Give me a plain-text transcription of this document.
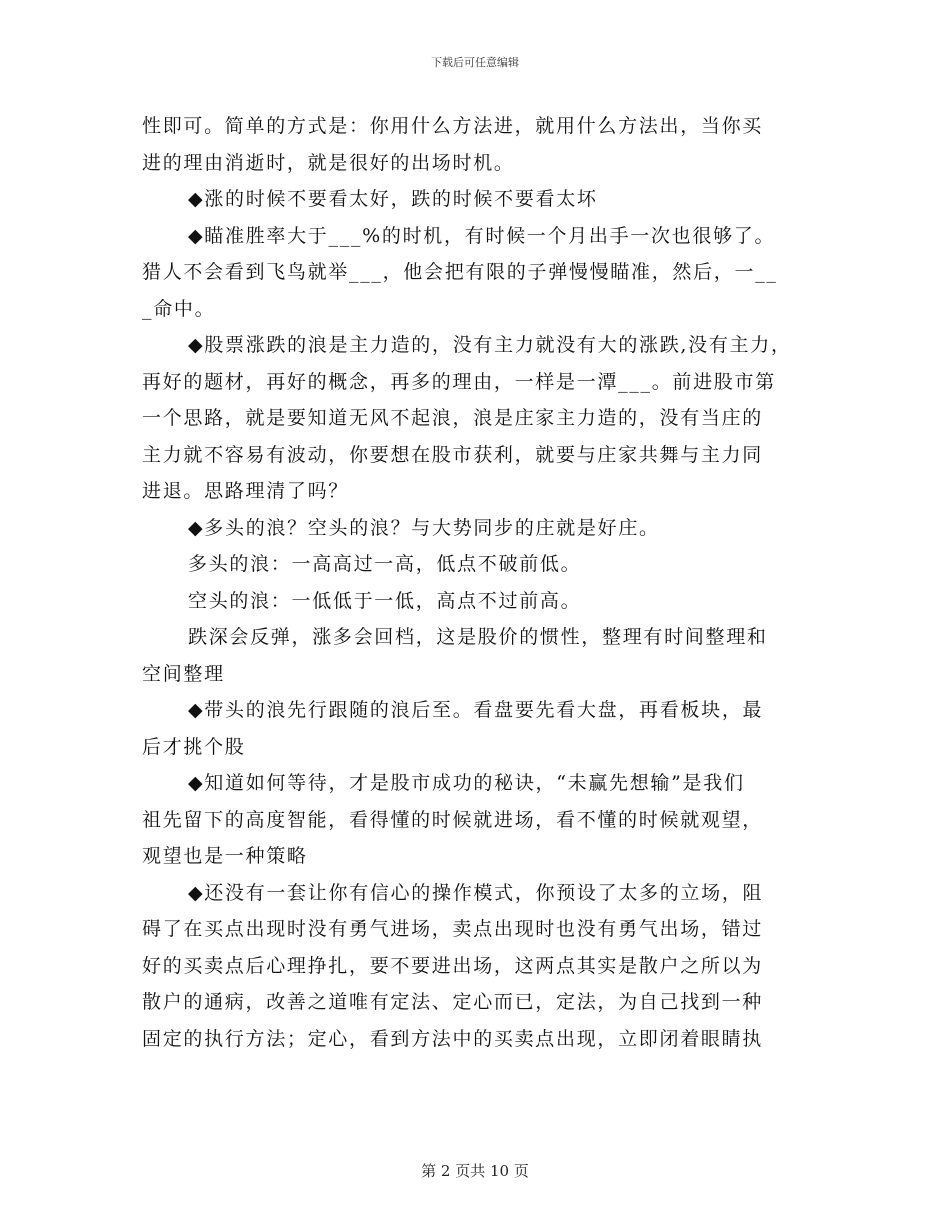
下载后可任意编辑
性即可。简单的方式是：你用什么方法进，就用什么方法出，当你买
进的理由消逝时，就是很好的出场时机。
◆涨的时候不要看太好，跌的时候不要看太坏
◆瞄准胜率大于___%的时机，有时候一个月出手一次也很够了。
猎人不会看到飞鸟就举___，他会把有限的子弹慢慢瞄准，然后，一__
_命中。
◆股票涨跌的浪是主力造的，没有主力就没有大的涨跌,没有主力，
再好的题材，再好的概念，再多的理由，一样是一潭___。前进股市第
一个思路，就是要知道无风不起浪，浪是庄家主力造的，没有当庄的
主力就不容易有波动，你要想在股市获利，就要与庄家共舞与主力同
进退。思路理清了吗？
◆多头的浪？空头的浪？与大势同步的庄就是好庄。
多头的浪：一高高过一高，低点不破前低。
空头的浪：一低低于一低，高点不过前高。
跌深会反弹，涨多会回档，这是股价的惯性，整理有时间整理和
空间整理
◆带头的浪先行跟随的浪后至。看盘要先看大盘，再看板块，最
后才挑个股
◆知道如何等待，才是股市成功的秘诀，“未赢先想输”是我们
祖先留下的高度智能，看得懂的时候就进场，看不懂的时候就观望，
观望也是一种策略
◆还没有一套让你有信心的操作模式，你预设了太多的立场，阻
碍了在买点出现时没有勇气进场，卖点出现时也没有勇气出场，错过
好的买卖点后心理挣扎，要不要进出场，这两点其实是散户之所以为
散户的通病，改善之道唯有定法、定心而已，定法，为自己找到一种
固定的执行方法；定心，看到方法中的买卖点出现，立即闭着眼睛执
第 2 页共 10 页
